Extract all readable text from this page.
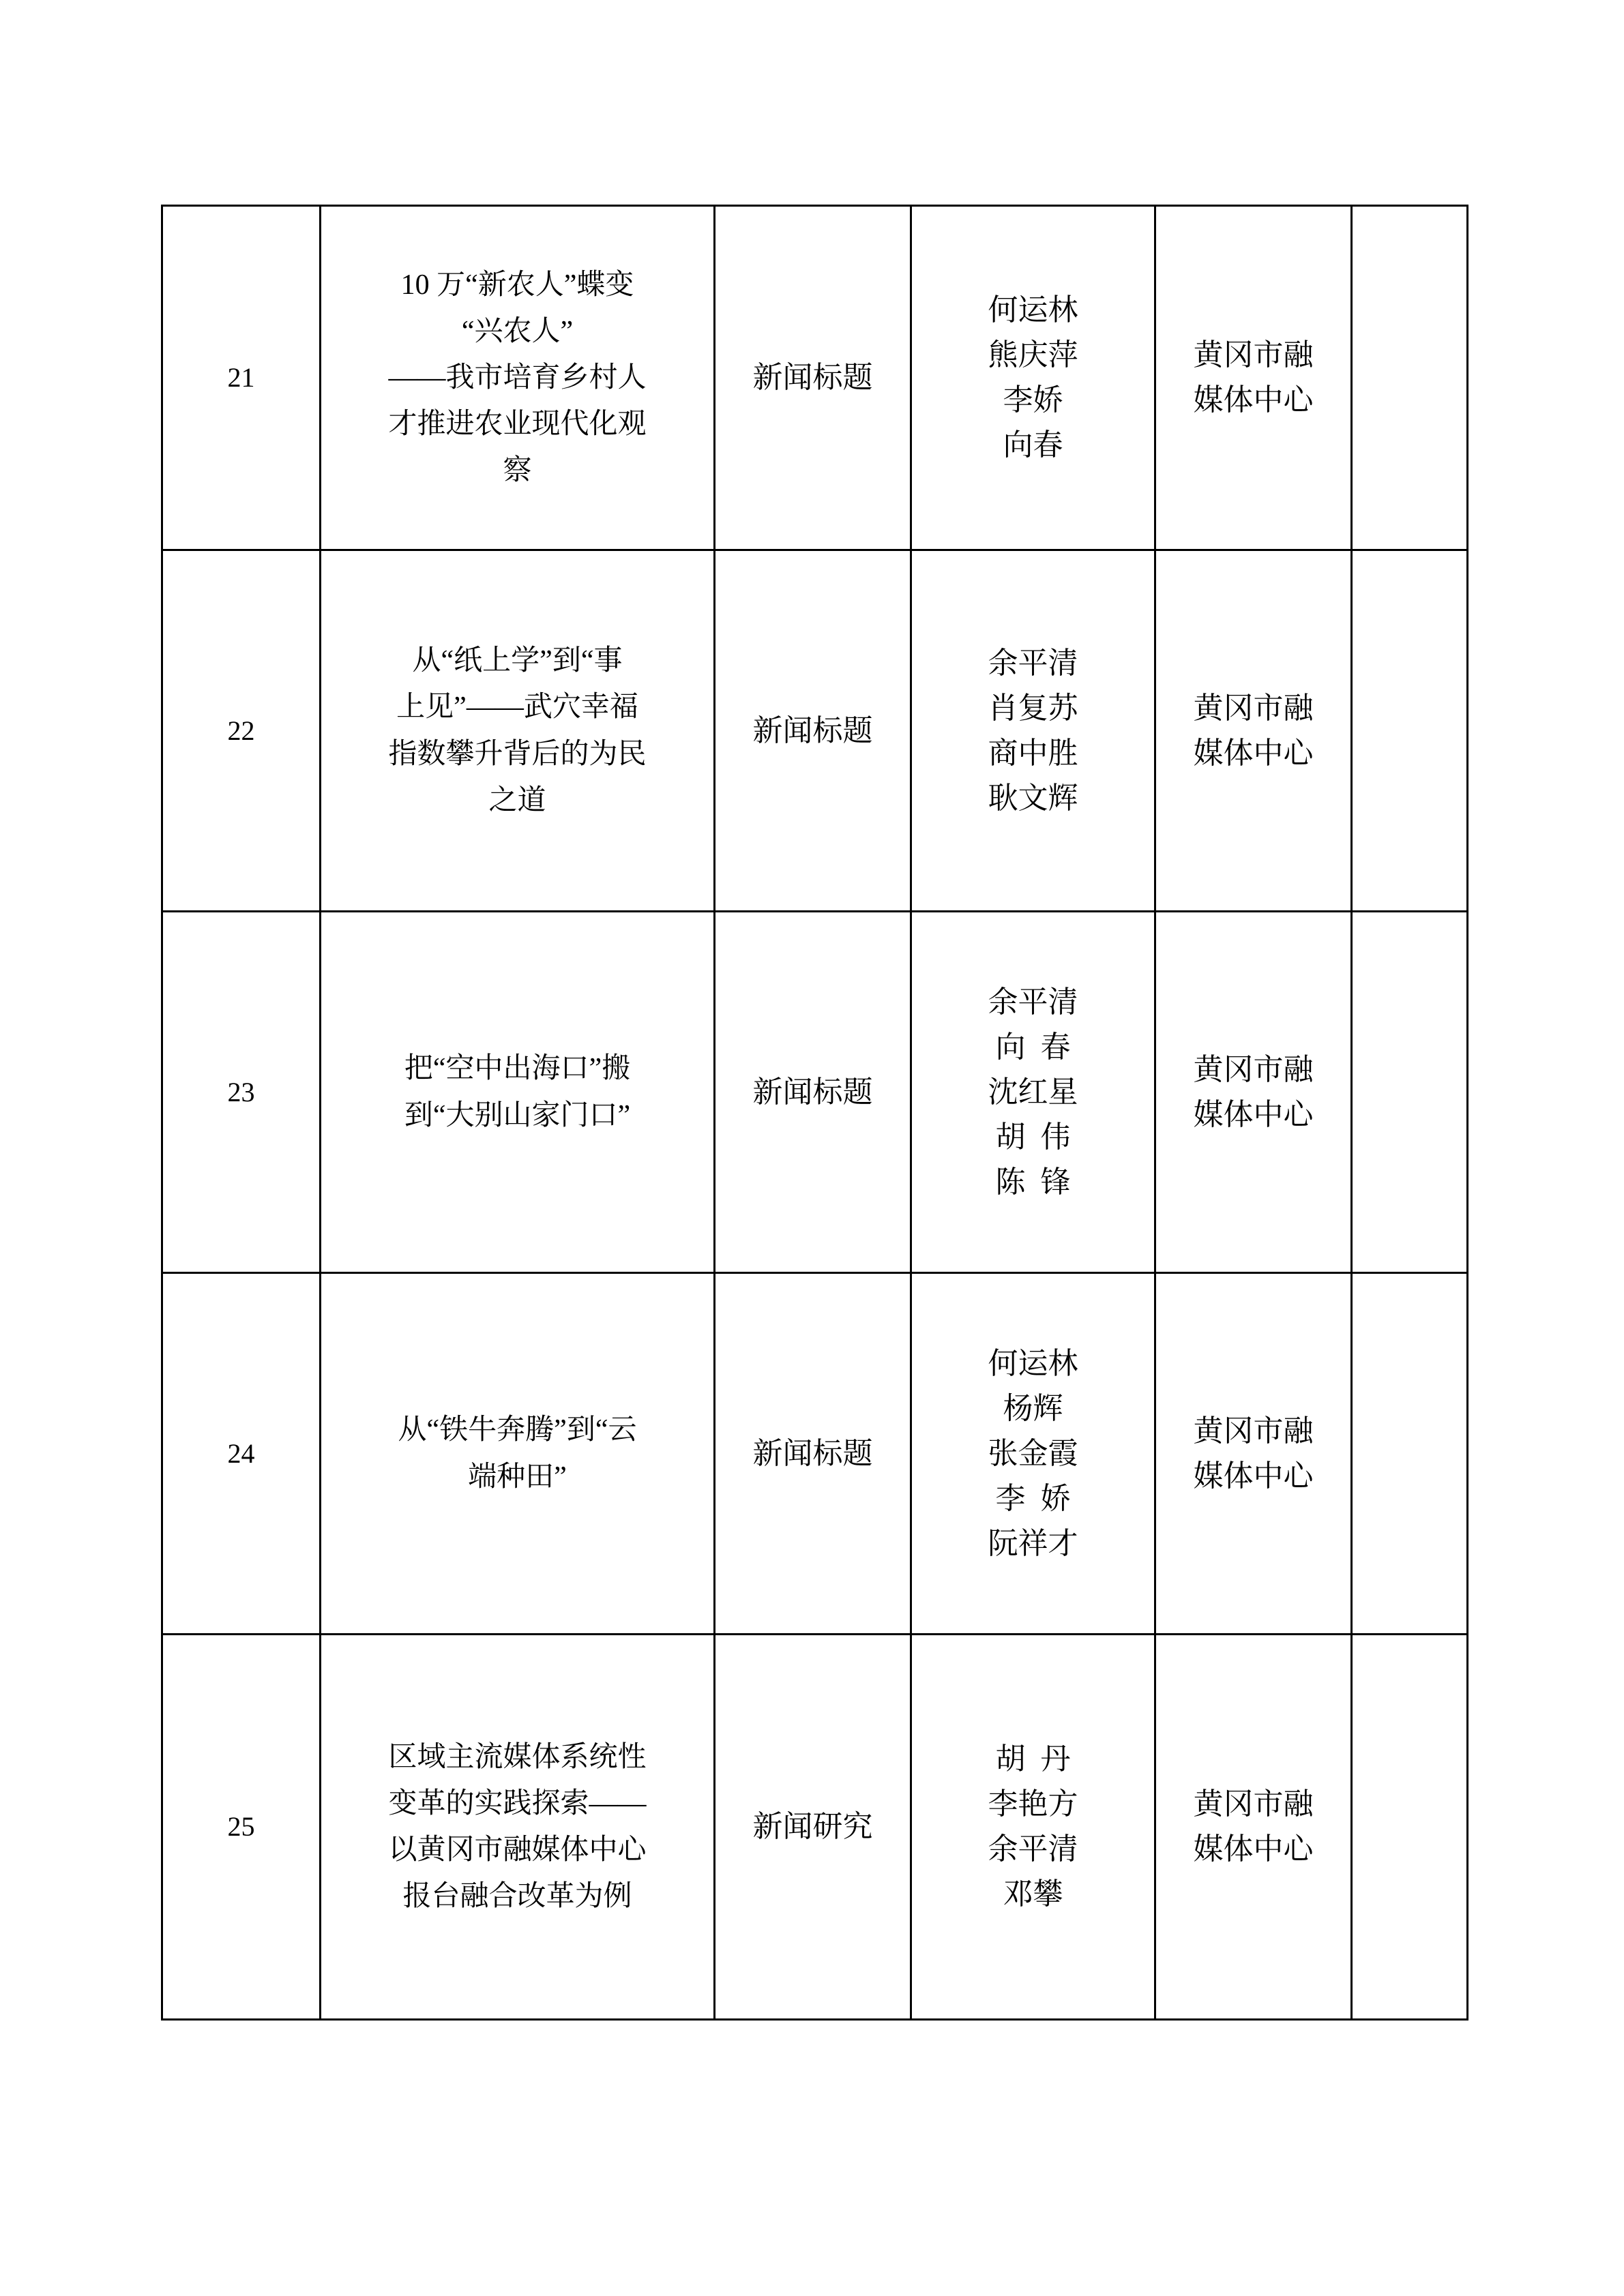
21	10 万“新农人”蝶变
“兴农人”
——我市培育乡村人
才推进农业现代化观
察	新闻标题	何运林
熊庆萍
李娇
向春	黄冈市融
媒体中心	

22	从“纸上学”到“事
上见”——武穴幸福
指数攀升背后的为民
之道	新闻标题	余平清
肖复苏
商中胜
耿文辉	黄冈市融
媒体中心	

23	把“空中出海口”搬
到“大别山家门口”	新闻标题	余平清
向  春
沈红星
胡  伟
陈  锋	黄冈市融
媒体中心	

24	从“铁牛奔腾”到“云
端种田”	新闻标题	何运林
杨辉
张金霞
李  娇
阮祥才	黄冈市融
媒体中心	

25	区域主流媒体系统性
变革的实践探索——
以黄冈市融媒体中心
报台融合改革为例	新闻研究	胡  丹
李艳方
余平清
邓攀	黄冈市融
媒体中心	
